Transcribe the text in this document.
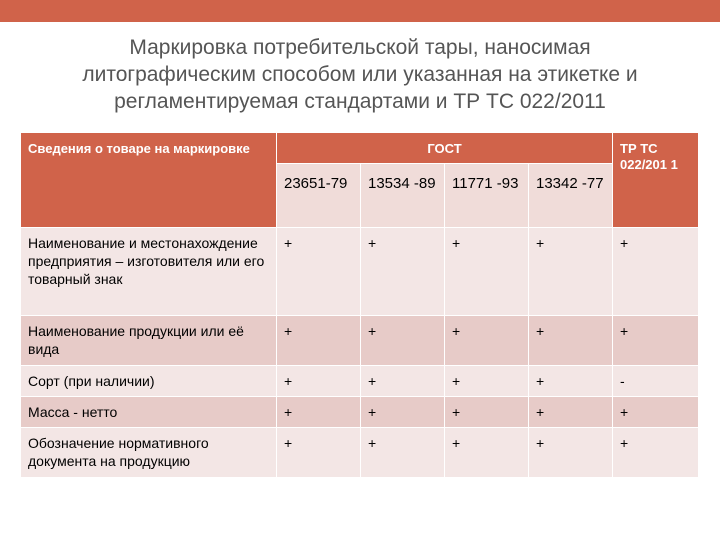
Маркировка потребительской тары, наносимая литографическим способом или указанная на этикетке и регламентируемая стандартами и ТР ТС 022/2011
Сведения о товаре на маркировке	ГОСТ				ТР ТС 022/201 1
	23651-79	13534 -89	11771 -93	13342 -77	
Наименование и местонахождение предприятия – изготовителя или его товарный знак	+	+	+	+	+
Наименование продукции или её вида	+	+	+	+	+
Сорт (при наличии)	+	+	+	+	-
Масса - нетто	+	+	+	+	+
Обозначение нормативного документа на продукцию	+	+	+	+	+
